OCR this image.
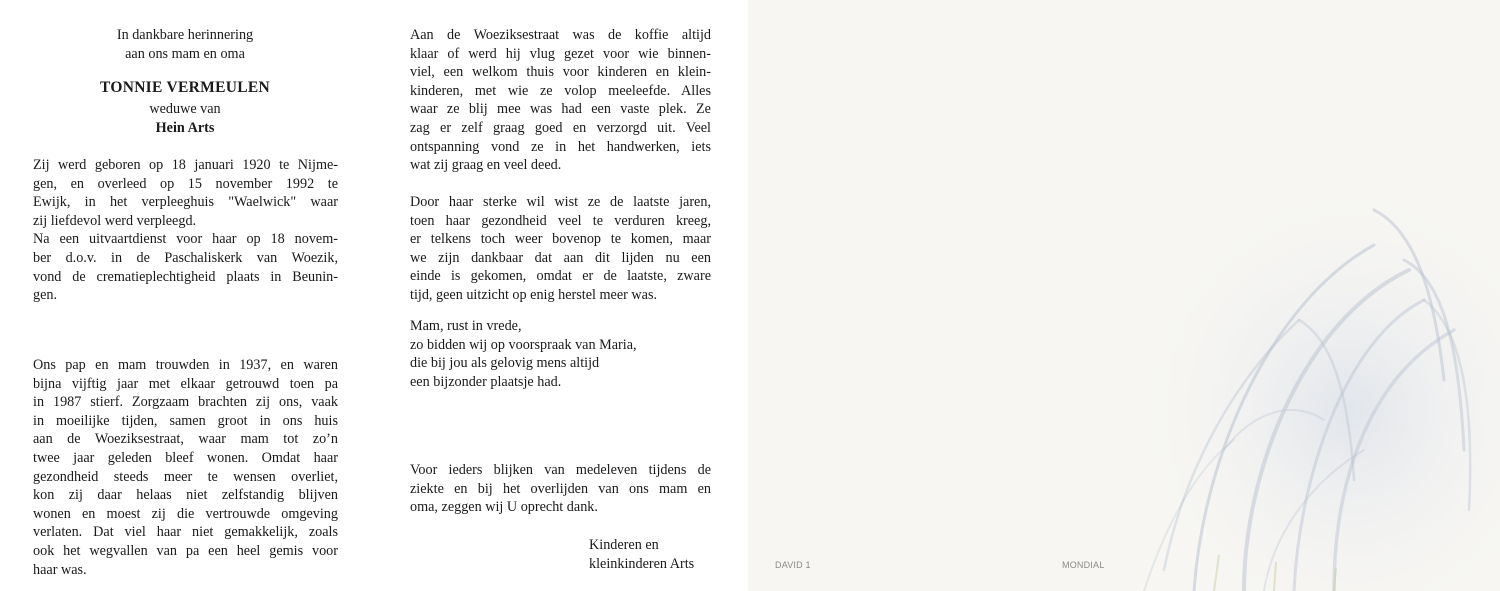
In dankbare herinnering
aan ons mam en oma
TONNIE VERMEULEN
weduwe van
Hein Arts
Zij werd geboren op 18 januari 1920 te Nijme-
gen, en overleed op 15 november 1992 te
Ewijk, in het verpleeghuis "Waelwick" waar
zij liefdevol werd verpleegd.
Na een uitvaartdienst voor haar op 18 novem-
ber d.o.v. in de Paschaliskerk van Woezik,
vond de crematieplechtigheid plaats in Beunin-
gen.
Ons pap en mam trouwden in 1937, en waren
bijna vijftig jaar met elkaar getrouwd toen pa
in 1987 stierf. Zorgzaam brachten zij ons, vaak
in moeilijke tijden, samen groot in ons huis
aan de Woeziksestraat, waar mam tot zo’n
twee jaar geleden bleef wonen. Omdat haar
gezondheid steeds meer te wensen overliet,
kon zij daar helaas niet zelfstandig blijven
wonen en moest zij die vertrouwde omgeving
verlaten. Dat viel haar niet gemakkelijk, zoals
ook het wegvallen van pa een heel gemis voor
haar was.
Aan de Woeziksestraat was de koffie altijd
klaar of werd hij vlug gezet voor wie binnen-
viel, een welkom thuis voor kinderen en klein-
kinderen, met wie ze volop meeleefde. Alles
waar ze blij mee was had een vaste plek. Ze
zag er zelf graag goed en verzorgd uit. Veel
ontspanning vond ze in het handwerken, iets
wat zij graag en veel deed.
Door haar sterke wil wist ze de laatste jaren,
toen haar gezondheid veel te verduren kreeg,
er telkens toch weer bovenop te komen, maar
we zijn dankbaar dat aan dit lijden nu een
einde is gekomen, omdat er de laatste, zware
tijd, geen uitzicht op enig herstel meer was.
Mam, rust in vrede,
zo bidden wij op voorspraak van Maria,
die bij jou als gelovig mens altijd
een bijzonder plaatsje had.
Voor ieders blijken van medeleven tijdens de
ziekte en bij het overlijden van ons mam en
oma, zeggen wij U oprecht dank.
Kinderen en
kleinkinderen Arts	DAVID 1	MONDIAL
